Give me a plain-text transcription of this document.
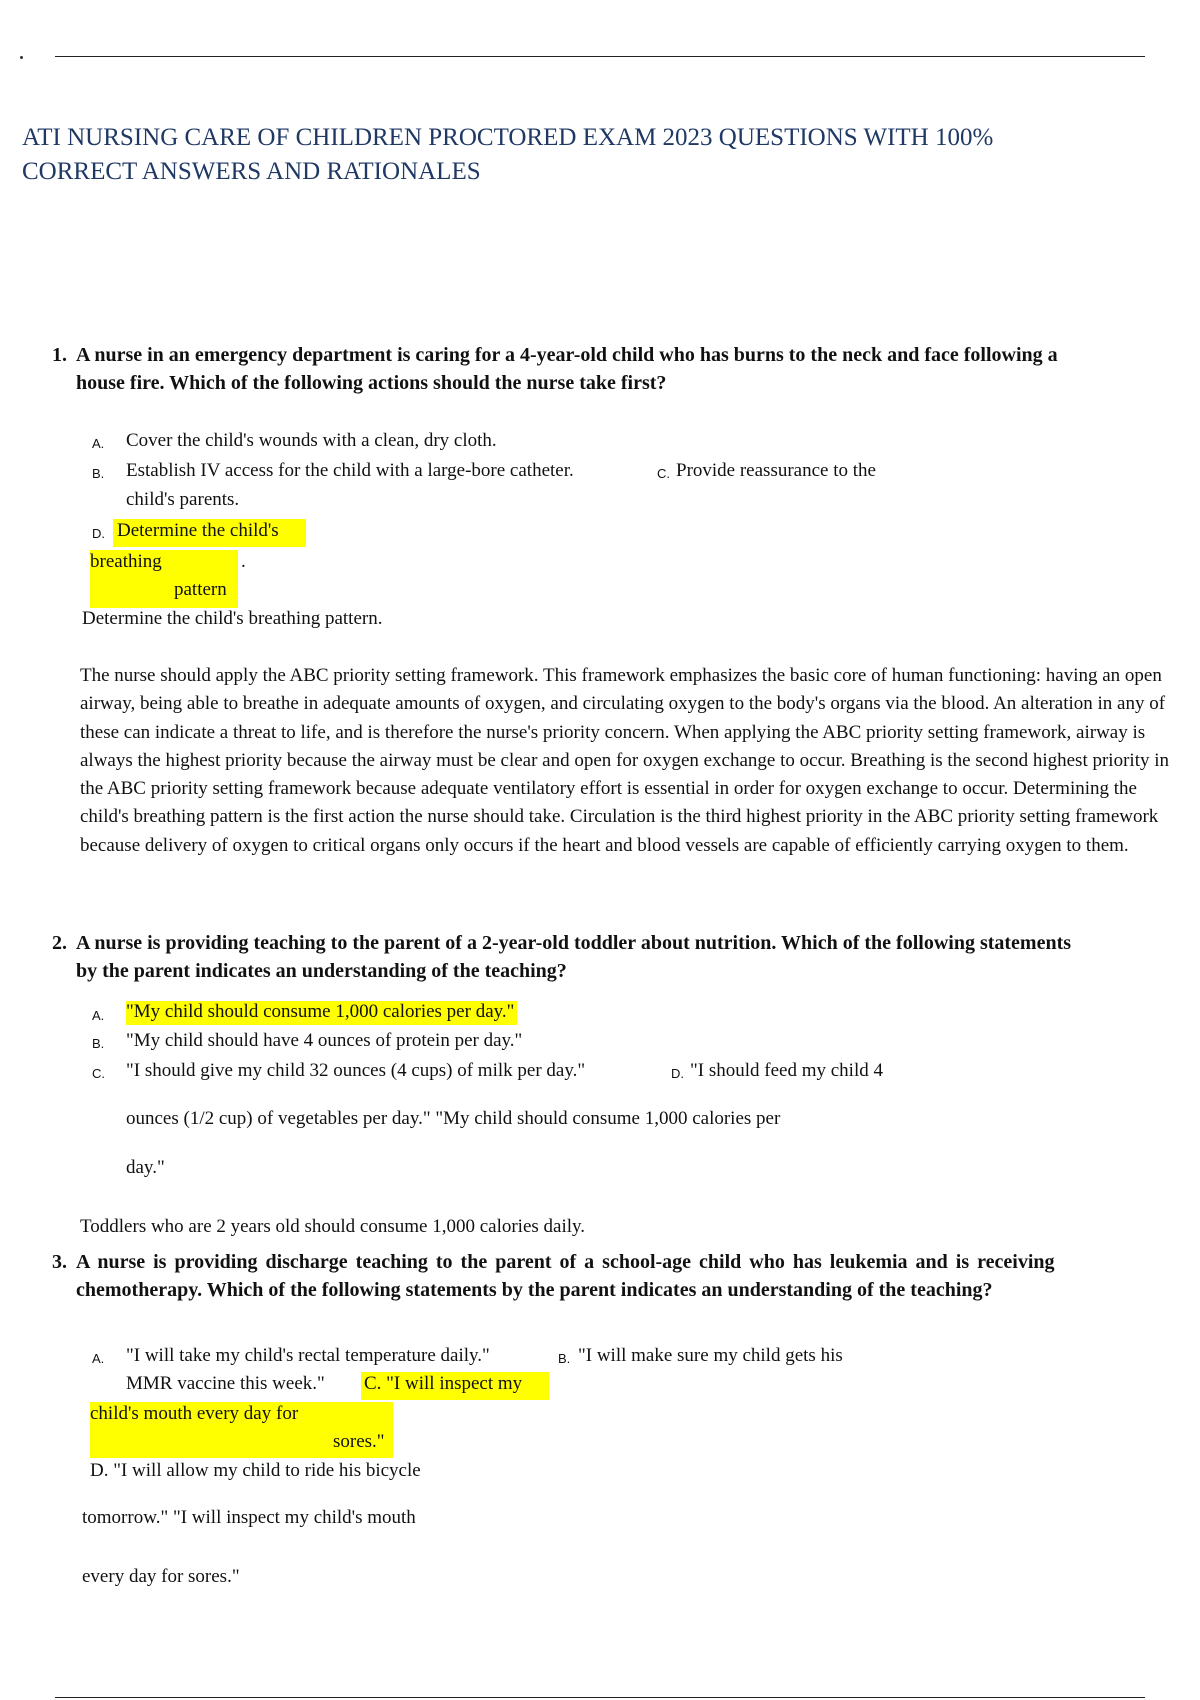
ATI NURSING CARE OF CHILDREN PROCTORED EXAM 2023 QUESTIONS WITH 100%
CORRECT ANSWERS AND RATIONALES
1. A nurse in an emergency department is caring for a 4-year-old child who has burns to the neck and face following a
house fire. Which of the following actions should the nurse take first?
A. Cover the child's wounds with a clean, dry cloth.
B. Establish IV access for the child with a large-bore catheter.	C. Provide reassurance to the
child's parents.
D. Determine the child's
breathing	.
pattern
Determine the child's breathing pattern.
The nurse should apply the ABC priority setting framework. This framework emphasizes the basic core of human functioning: having an open airway, being able to breathe in adequate amounts of oxygen, and circulating oxygen to the body's organs via the blood. An alteration in any of these can indicate a threat to life, and is therefore the nurse's priority concern. When applying the ABC priority setting framework, airway is always the highest priority because the airway must be clear and open for oxygen exchange to occur. Breathing is the second highest priority in the ABC priority setting framework because adequate ventilatory effort is essential in order for oxygen exchange to occur. Determining the child's breathing pattern is the first action the nurse should take. Circulation is the third highest priority in the ABC priority setting framework because delivery of oxygen to critical organs only occurs if the heart and blood vessels are capable of efficiently carrying oxygen to them.
2. A nurse is providing teaching to the parent of a 2-year-old toddler about nutrition. Which of the following statements
by the parent indicates an understanding of the teaching?
A. "My child should consume 1,000 calories per day."
B. "My child should have 4 ounces of protein per day."
C. "I should give my child 32 ounces (4 cups) of milk per day."	D. "I should feed my child 4
ounces (1/2 cup) of vegetables per day." "My child should consume 1,000 calories per
day."
Toddlers who are 2 years old should consume 1,000 calories daily.
3. A nurse is providing discharge teaching to the parent of a school-age child who has leukemia and is receiving
chemotherapy. Which of the following statements by the parent indicates an understanding of the teaching?
A. "I will take my child's rectal temperature daily."	B. "I will make sure my child gets his
MMR vaccine this week." C. "I will inspect my
child's mouth every day for
sores."
D. "I will allow my child to ride his bicycle
tomorrow." "I will inspect my child's mouth
every day for sores."
